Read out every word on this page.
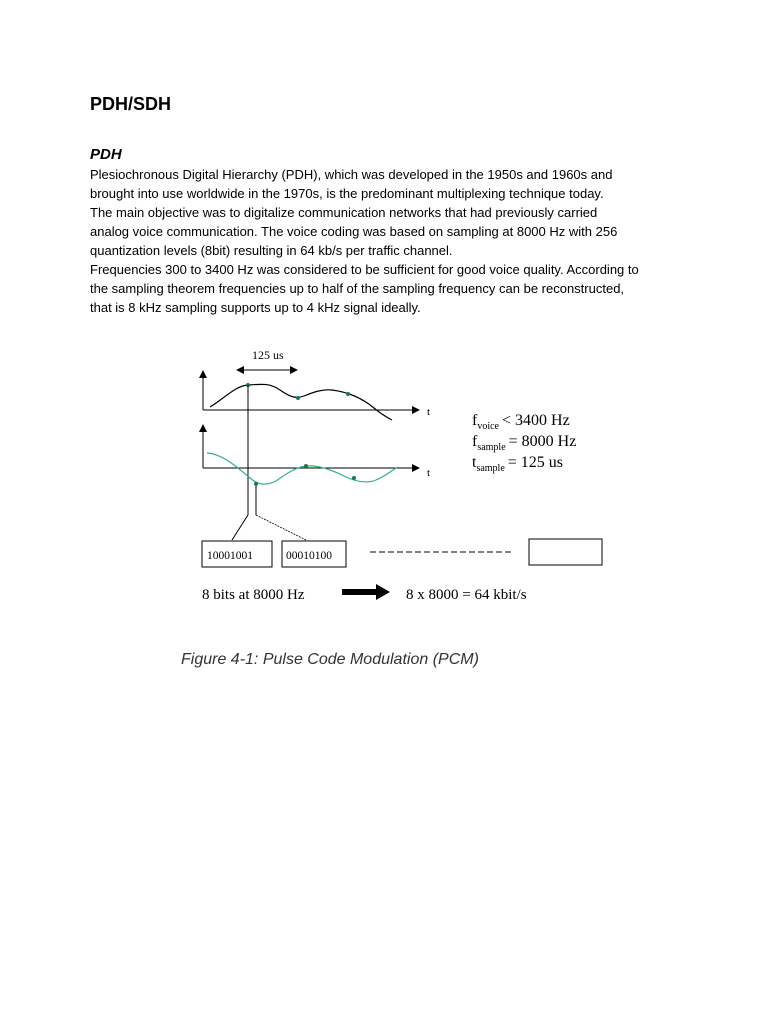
PDH/SDH
PDH
Plesiochronous Digital Hierarchy (PDH), which was developed in the 1950s and 1960s and
brought into use worldwide in the 1970s, is the predominant multiplexing technique today.
The main objective was to digitalize communication networks that had previously carried
analog voice communication. The voice coding was based on sampling at 8000 Hz with 256
quantization levels (8bit) resulting in 64 kb/s per traffic channel.
Frequencies 300 to 3400 Hz was considered to be sufficient for good voice quality. According to
the sampling theorem frequencies up to half of the sampling frequency can be reconstructed,
that is 8 kHz sampling supports up to 4 kHz signal ideally.
125 us
t
t
$f_{voice} < 3400$ Hz
$f_{sample} = 8000$ Hz
$t_{sample} = 125$ us
10001001	00010100
8 bits at 8000 Hz	8 x 8000 = 64 kbit/s
Figure 4-1: Pulse Code Modulation (PCM)
